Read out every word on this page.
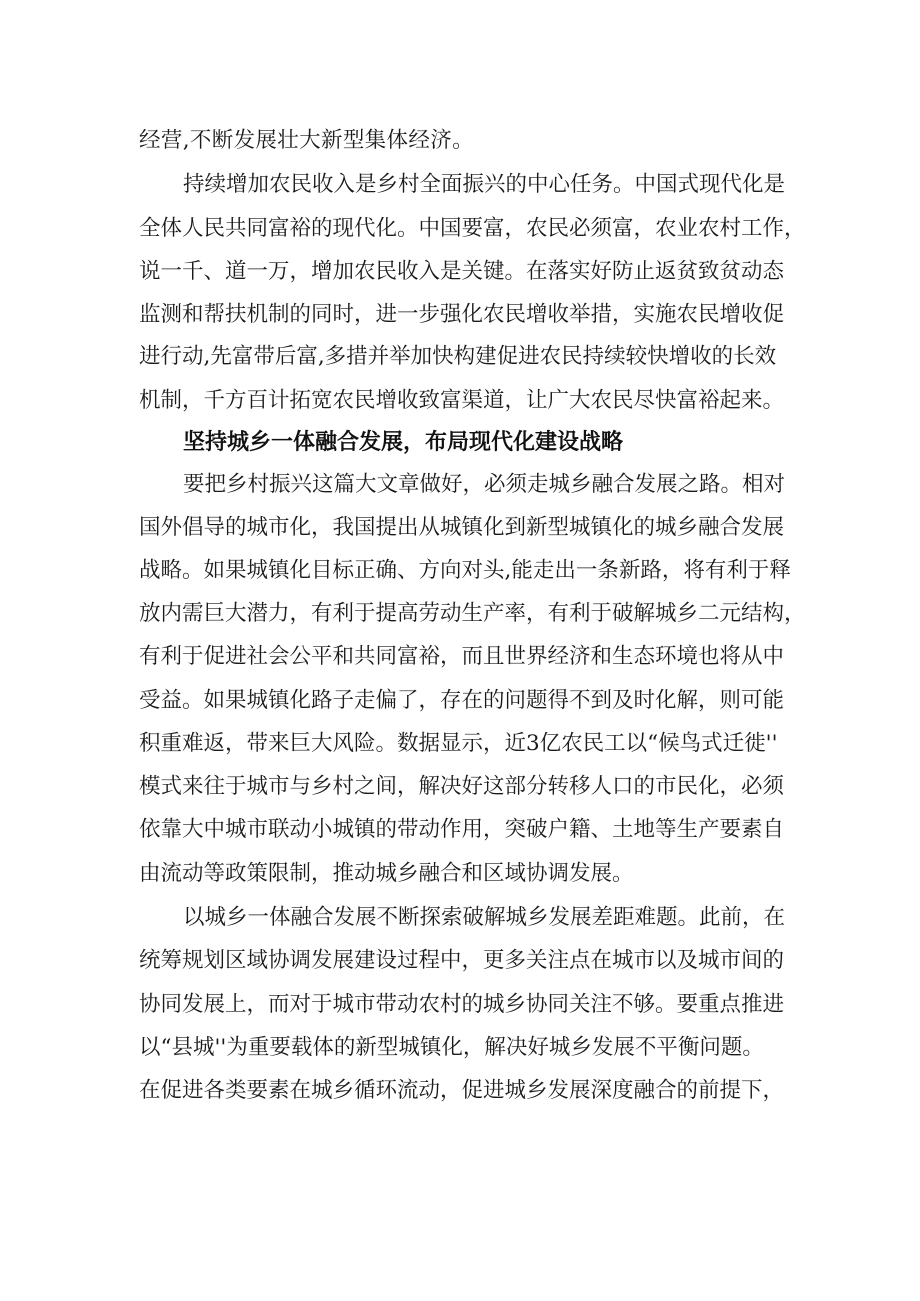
经营,不断发展壮大新型集体经济。
持续增加农民收入是乡村全面振兴的中心任务。中国式现代化是
全体人民共同富裕的现代化。中国要富，农民必须富，农业农村工作，
说一千、道一万，增加农民收入是关键。在落实好防止返贫致贫动态
监测和帮扶机制的同时，进一步强化农民增收举措，实施农民增收促
进行动,先富带后富,多措并举加快构建促进农民持续较快增收的长效
机制，千方百计拓宽农民增收致富渠道，让广大农民尽快富裕起来。
坚持城乡一体融合发展，布局现代化建设战略
要把乡村振兴这篇大文章做好，必须走城乡融合发展之路。相对
国外倡导的城市化，我国提出从城镇化到新型城镇化的城乡融合发展
战略。如果城镇化目标正确、方向对头,能走出一条新路，将有利于释
放内需巨大潜力，有利于提高劳动生产率，有利于破解城乡二元结构，
有利于促进社会公平和共同富裕，而且世界经济和生态环境也将从中
受益。如果城镇化路子走偏了，存在的问题得不到及时化解，则可能
积重难返，带来巨大风险。数据显示，近3亿农民工以“候鸟式迁徙''
模式来往于城市与乡村之间，解决好这部分转移人口的市民化，必须
依靠大中城市联动小城镇的带动作用，突破户籍、土地等生产要素自
由流动等政策限制，推动城乡融合和区域协调发展。
以城乡一体融合发展不断探索破解城乡发展差距难题。此前，在
统筹规划区域协调发展建设过程中，更多关注点在城市以及城市间的
协同发展上，而对于城市带动农村的城乡协同关注不够。要重点推进
以“县城''为重要载体的新型城镇化，解决好城乡发展不平衡问题。
在促进各类要素在城乡循环流动，促进城乡发展深度融合的前提下，
